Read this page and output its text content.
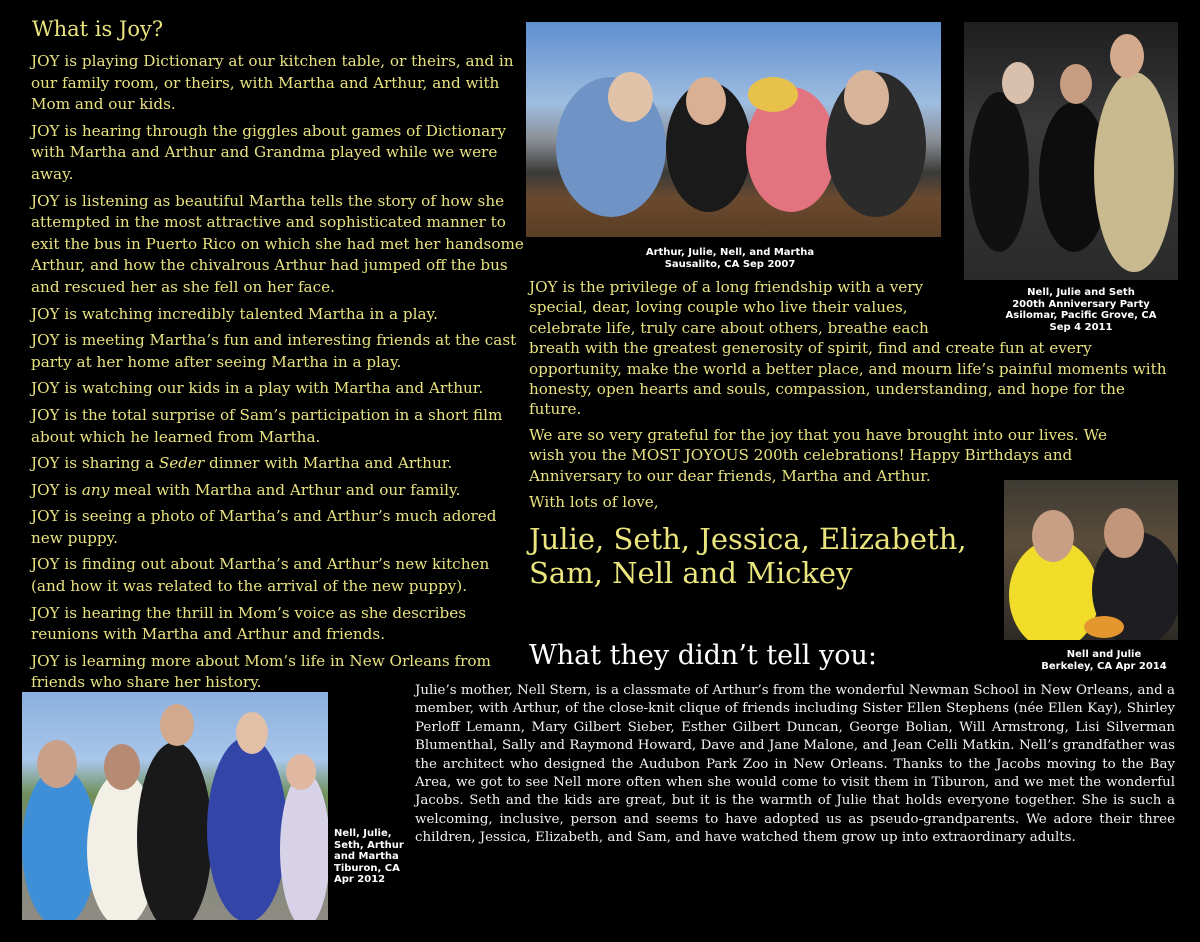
What is Joy?

JOY is playing Dictionary at our kitchen table, or theirs, and in our family room, or theirs, with Martha and Arthur, and with Mom and our kids.

JOY is hearing through the giggles about games of Dictionary with Martha and Arthur and Grandma played while we were away.

JOY is listening as beautiful Martha tells the story of how she attempted in the most attractive and sophisticated manner to exit the bus in Puerto Rico on which she had met her handsome Arthur, and how the chivalrous Arthur had jumped off the bus and rescued her as she fell on her face.

JOY is watching incredibly talented Martha in a play.

JOY is meeting Martha’s fun and interesting friends at the cast party at her home after seeing Martha in a play.

JOY is watching our kids in a play with Martha and Arthur.

JOY is the total surprise of Sam’s participation in a short film about which he learned from Martha.

JOY is sharing a Seder dinner with Martha and Arthur.

JOY is any meal with Martha and Arthur and our family.

JOY is seeing a photo of Martha’s and Arthur’s much adored new puppy.

JOY is finding out about Martha’s and Arthur’s new kitchen (and how it was related to the arrival of the new puppy).

JOY is hearing the thrill in Mom’s voice as she describes reunions with Martha and Arthur and friends.

JOY is learning more about Mom’s life in New Orleans from friends who share her history.

Arthur, Julie, Nell, and Martha
Sausalito, CA Sep 2007
Nell, Julie and Seth
200th Anniversary Party
Asilomar, Pacific Grove, CA
Sep 4 2011
JOY is the privilege of a long friendship with a very special, dear, loving couple who live their values, celebrate life, truly care about others, breathe each breath with the greatest generosity of spirit, find and create fun at every opportunity, make the world a better place, and mourn life’s painful moments with honesty, open hearts and souls, compassion, understanding, and hope for the future.
We are so very grateful for the joy that you have brought into our lives. We wish you the MOST JOYOUS 200th celebrations! Happy Birthdays and Anniversary to our dear friends, Martha and Arthur.
With lots of love,
Julie, Seth, Jessica, Elizabeth,
Sam, Nell and Mickey
Nell and Julie
Berkeley, CA Apr 2014
What they didn’t tell you:
Julie’s mother, Nell Stern, is a classmate of Arthur’s from the wonderful Newman School in New Orleans, and a member, with Arthur, of the close-knit clique of friends including Sister Ellen Stephens (née Ellen Kay), Shirley Perloff Lemann, Mary Gilbert Sieber, Esther Gilbert Duncan, George Bolian, Will Armstrong, Lisi Silverman Blumenthal, Sally and Raymond Howard, Dave and Jane Malone, and Jean Celli Matkin. Nell’s grandfather was the architect who designed the Audubon Park Zoo in New Orleans. Thanks to the Jacobs moving to the Bay Area, we got to see Nell more often when she would come to visit them in Tiburon, and we met the wonderful Jacobs. Seth and the kids are great, but it is the warmth of Julie that holds everyone together. She is such a welcoming, inclusive, person and seems to have adopted us as pseudo-grandparents. We adore their three children, Jessica, Elizabeth, and Sam, and have watched them grow up into extraordinary adults.
Nell, Julie,
Seth, Arthur
and Martha
Tiburon, CA
Apr 2012
